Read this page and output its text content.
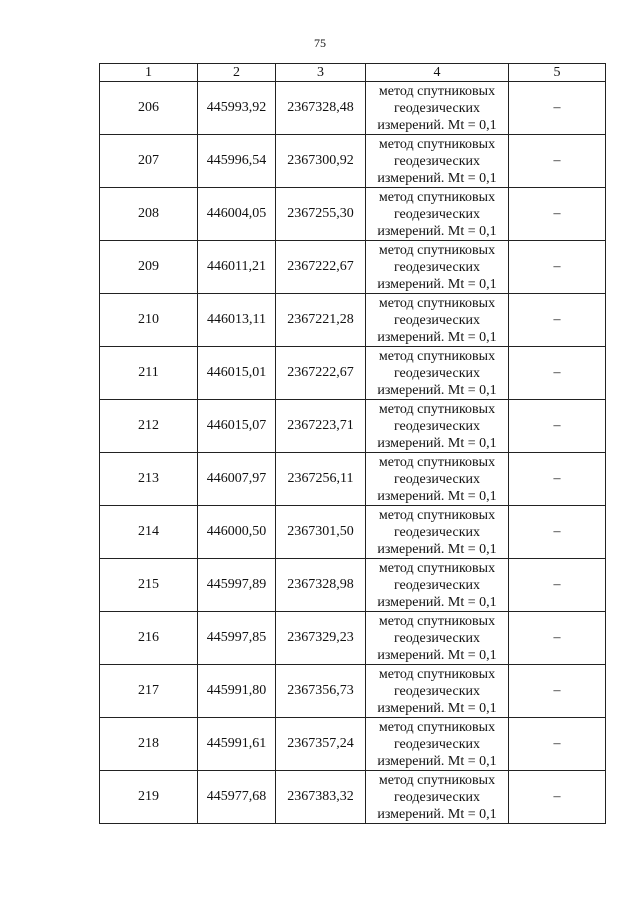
75
1	2	3	4	5
206	445993,92	2367328,48	метод спутниковых
геодезических
измерений. Mt = 0,1	–
207	445996,54	2367300,92	метод спутниковых
геодезических
измерений. Mt = 0,1	–
208	446004,05	2367255,30	метод спутниковых
геодезических
измерений. Mt = 0,1	–
209	446011,21	2367222,67	метод спутниковых
геодезических
измерений. Mt = 0,1	–
210	446013,11	2367221,28	метод спутниковых
геодезических
измерений. Mt = 0,1	–
211	446015,01	2367222,67	метод спутниковых
геодезических
измерений. Mt = 0,1	–
212	446015,07	2367223,71	метод спутниковых
геодезических
измерений. Mt = 0,1	–
213	446007,97	2367256,11	метод спутниковых
геодезических
измерений. Mt = 0,1	–
214	446000,50	2367301,50	метод спутниковых
геодезических
измерений. Mt = 0,1	–
215	445997,89	2367328,98	метод спутниковых
геодезических
измерений. Mt = 0,1	–
216	445997,85	2367329,23	метод спутниковых
геодезических
измерений. Mt = 0,1	–
217	445991,80	2367356,73	метод спутниковых
геодезических
измерений. Mt = 0,1	–
218	445991,61	2367357,24	метод спутниковых
геодезических
измерений. Mt = 0,1	–
219	445977,68	2367383,32	метод спутниковых
геодезических
измерений. Mt = 0,1	–
